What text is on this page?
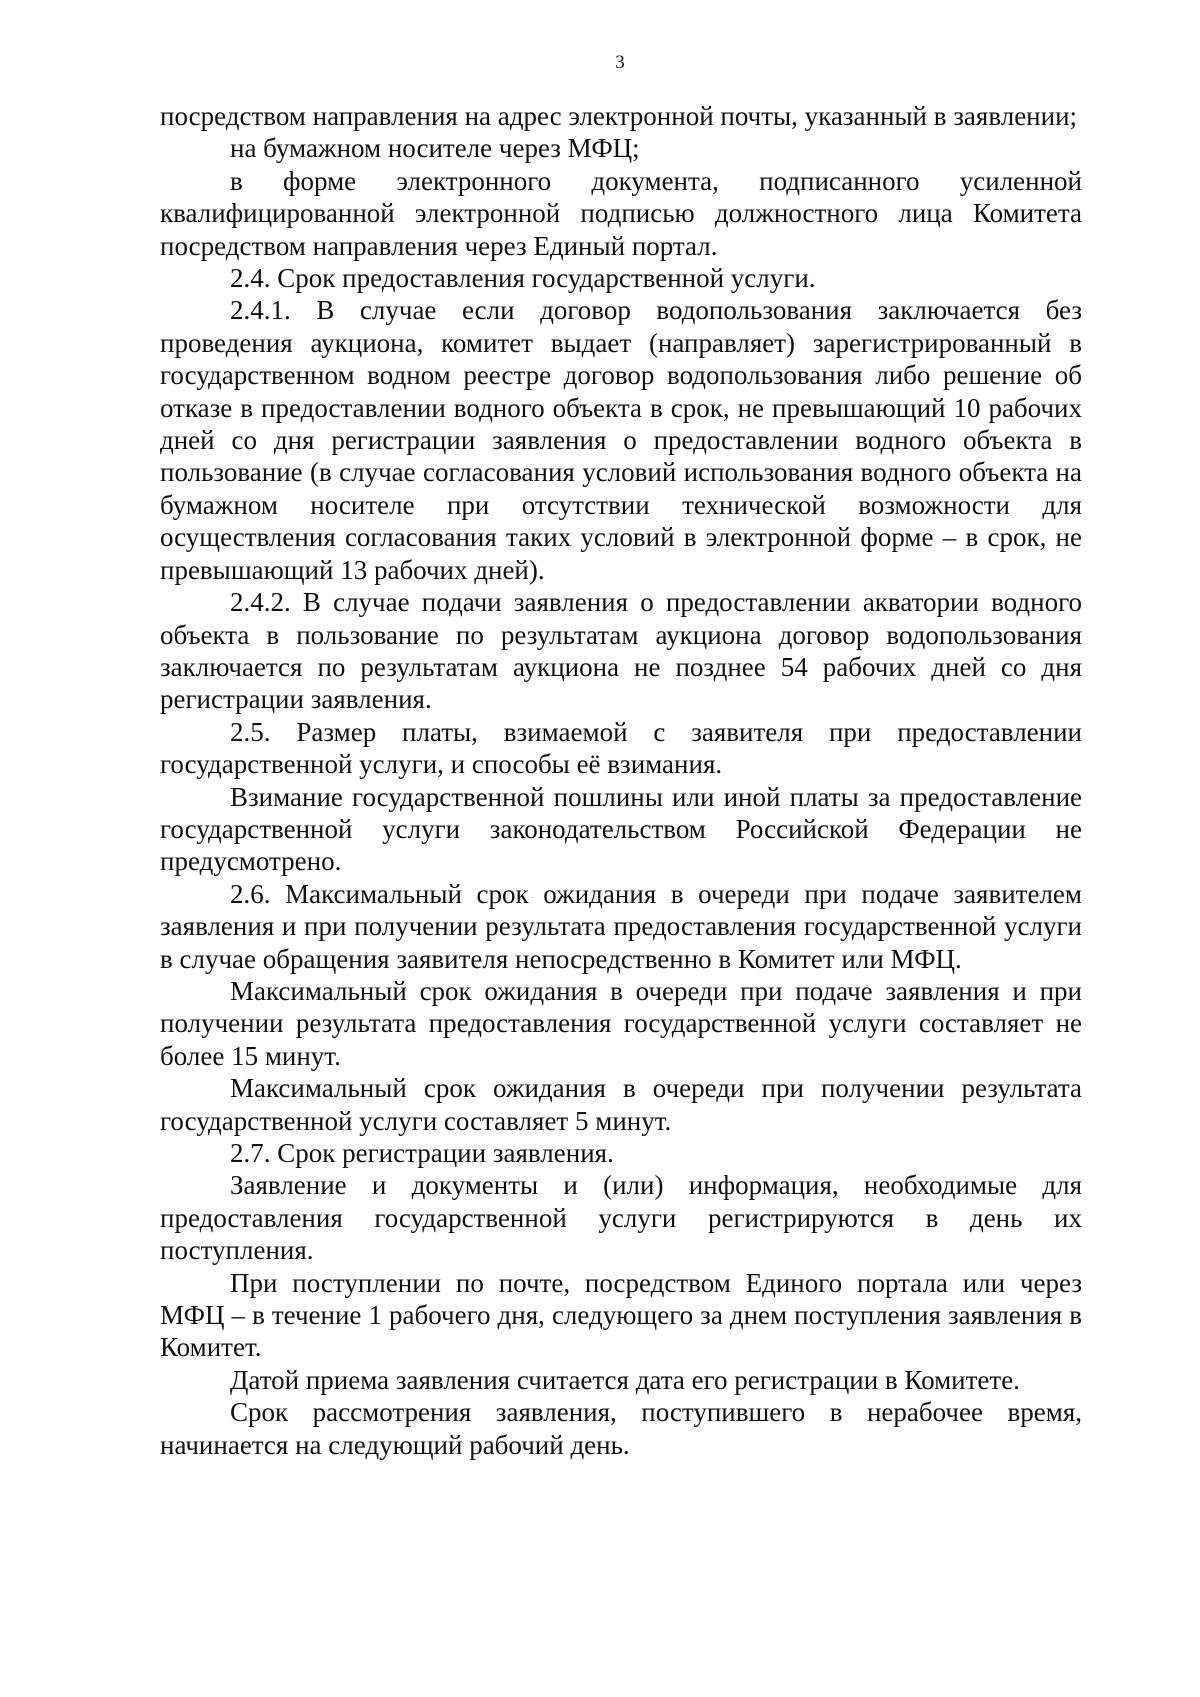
3

посредством направления на адрес электронной почты, указанный в заявлении;

на бумажном носителе через МФЦ;

в форме электронного документа, подписанного усиленной квалифицированной электронной подписью должностного лица Комитета посредством направления через Единый портал.

2.4. Срок предоставления государственной услуги.

2.4.1. В случае если договор водопользования заключается без проведения аукциона, комитет выдает (направляет) зарегистрированный в государственном водном реестре договор водопользования либо решение об отказе в предоставлении водного объекта в срок, не превышающий 10 рабочих дней со дня регистрации заявления о предоставлении водного объекта в пользование (в случае согласования условий использования водного объекта на бумажном носителе при отсутствии технической возможности для осуществления согласования таких условий в электронной форме – в срок, не превышающий 13 рабочих дней).

2.4.2. В случае подачи заявления о предоставлении акватории водного объекта в пользование по результатам аукциона договор водопользования заключается по результатам аукциона не позднее 54 рабочих дней со дня регистрации заявления.

2.5. Размер платы, взимаемой с заявителя при предоставлении государственной услуги, и способы её взимания.

Взимание государственной пошлины или иной платы за предоставление государственной услуги законодательством Российской Федерации не предусмотрено.

2.6. Максимальный срок ожидания в очереди при подаче заявителем заявления и при получении результата предоставления государственной услуги в случае обращения заявителя непосредственно в Комитет или МФЦ.

Максимальный срок ожидания в очереди при подаче заявления и при получении результата предоставления государственной услуги составляет не более 15 минут.

Максимальный срок ожидания в очереди при получении результата государственной услуги составляет 5 минут.

2.7. Срок регистрации заявления.

Заявление и документы и (или) информация, необходимые для предоставления государственной услуги регистрируются в день их поступления.

При поступлении по почте, посредством Единого портала или через МФЦ – в течение 1 рабочего дня, следующего за днем поступления заявления в Комитет.

Датой приема заявления считается дата его регистрации в Комитете.

Срок рассмотрения заявления, поступившего в нерабочее время, начинается на следующий рабочий день.
